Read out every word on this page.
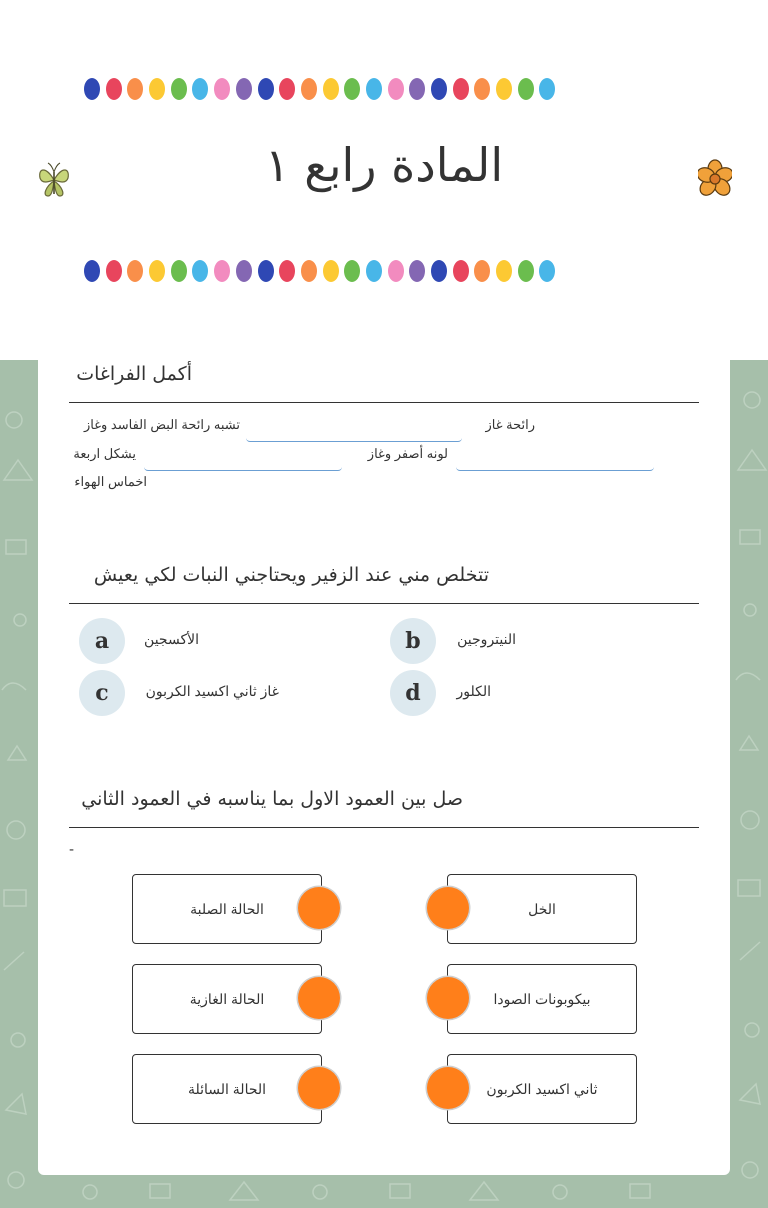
المادة رابع ١
أكمل الفراغات
رائحة غاز
تشبه رائحة البض الفاسد وغاز
لونه أصفر وغاز
يشكل اربعة
اخماس الهواء
تتخلص مني عند الزفير ويحتاجني النبات لكي يعيش
a	الأكسجين	b	النيتروجين
c	غاز ثاني اكسيد الكربون	d	الكلور
صل بين العمود الاول بما يناسبه في العمود الثاني
-
الحالة الصلبة
الحالة الغازية
الحالة السائلة
الخل
بيكوبونات الصودا
ثاني اكسيد الكربون
